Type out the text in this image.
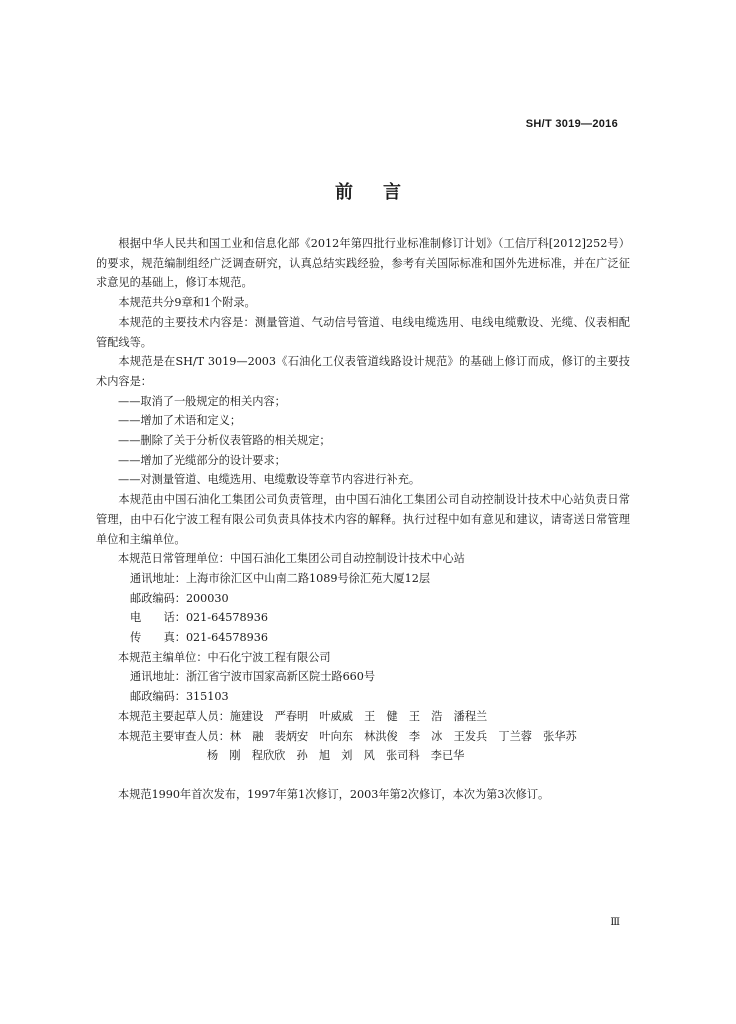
SH/T 3019—2016
前言

根据中华人民共和国工业和信息化部《2012年第四批行业标准制修订计划》（工信厅科[2012]252号）的要求，规范编制组经广泛调查研究，认真总结实践经验，参考有关国际标准和国外先进标准，并在广泛征求意见的基础上，修订本规范。

本规范共分9章和1个附录。

本规范的主要技术内容是：测量管道、气动信号管道、电线电缆选用、电线电缆敷设、光缆、仪表相配管配线等。

本规范是在SH/T 3019—2003《石油化工仪表管道线路设计规范》的基础上修订而成，修订的主要技术内容是：

——取消了一般规定的相关内容；

——增加了术语和定义；

——删除了关于分析仪表管路的相关规定；

——增加了光缆部分的设计要求；

——对测量管道、电缆选用、电缆敷设等章节内容进行补充。

本规范由中国石油化工集团公司负责管理，由中国石油化工集团公司自动控制设计技术中心站负责日常管理，由中石化宁波工程有限公司负责具体技术内容的解释。执行过程中如有意见和建议，请寄送日常管理单位和主编单位。

本规范日常管理单位：中国石油化工集团公司自动控制设计技术中心站

通讯地址：上海市徐汇区中山南二路1089号徐汇苑大厦12层

邮政编码：200030

电　　话：021-64578936

传　　真：021-64578936

本规范主编单位：中石化宁波工程有限公司

通讯地址：浙江省宁波市国家高新区院士路660号

邮政编码：315103

本规范主要起草人员：施建设　严春明　叶威威　王　健　王　浩　潘程兰

本规范主要审查人员：林　融　裴炳安　叶向东　林洪俊　李　冰　王发兵　丁兰蓉　张华苏

杨　刚　程欣欣　孙　旭　刘　风　张司科　李已华

本规范1990年首次发布，1997年第1次修订，2003年第2次修订，本次为第3次修订。

Ⅲ
